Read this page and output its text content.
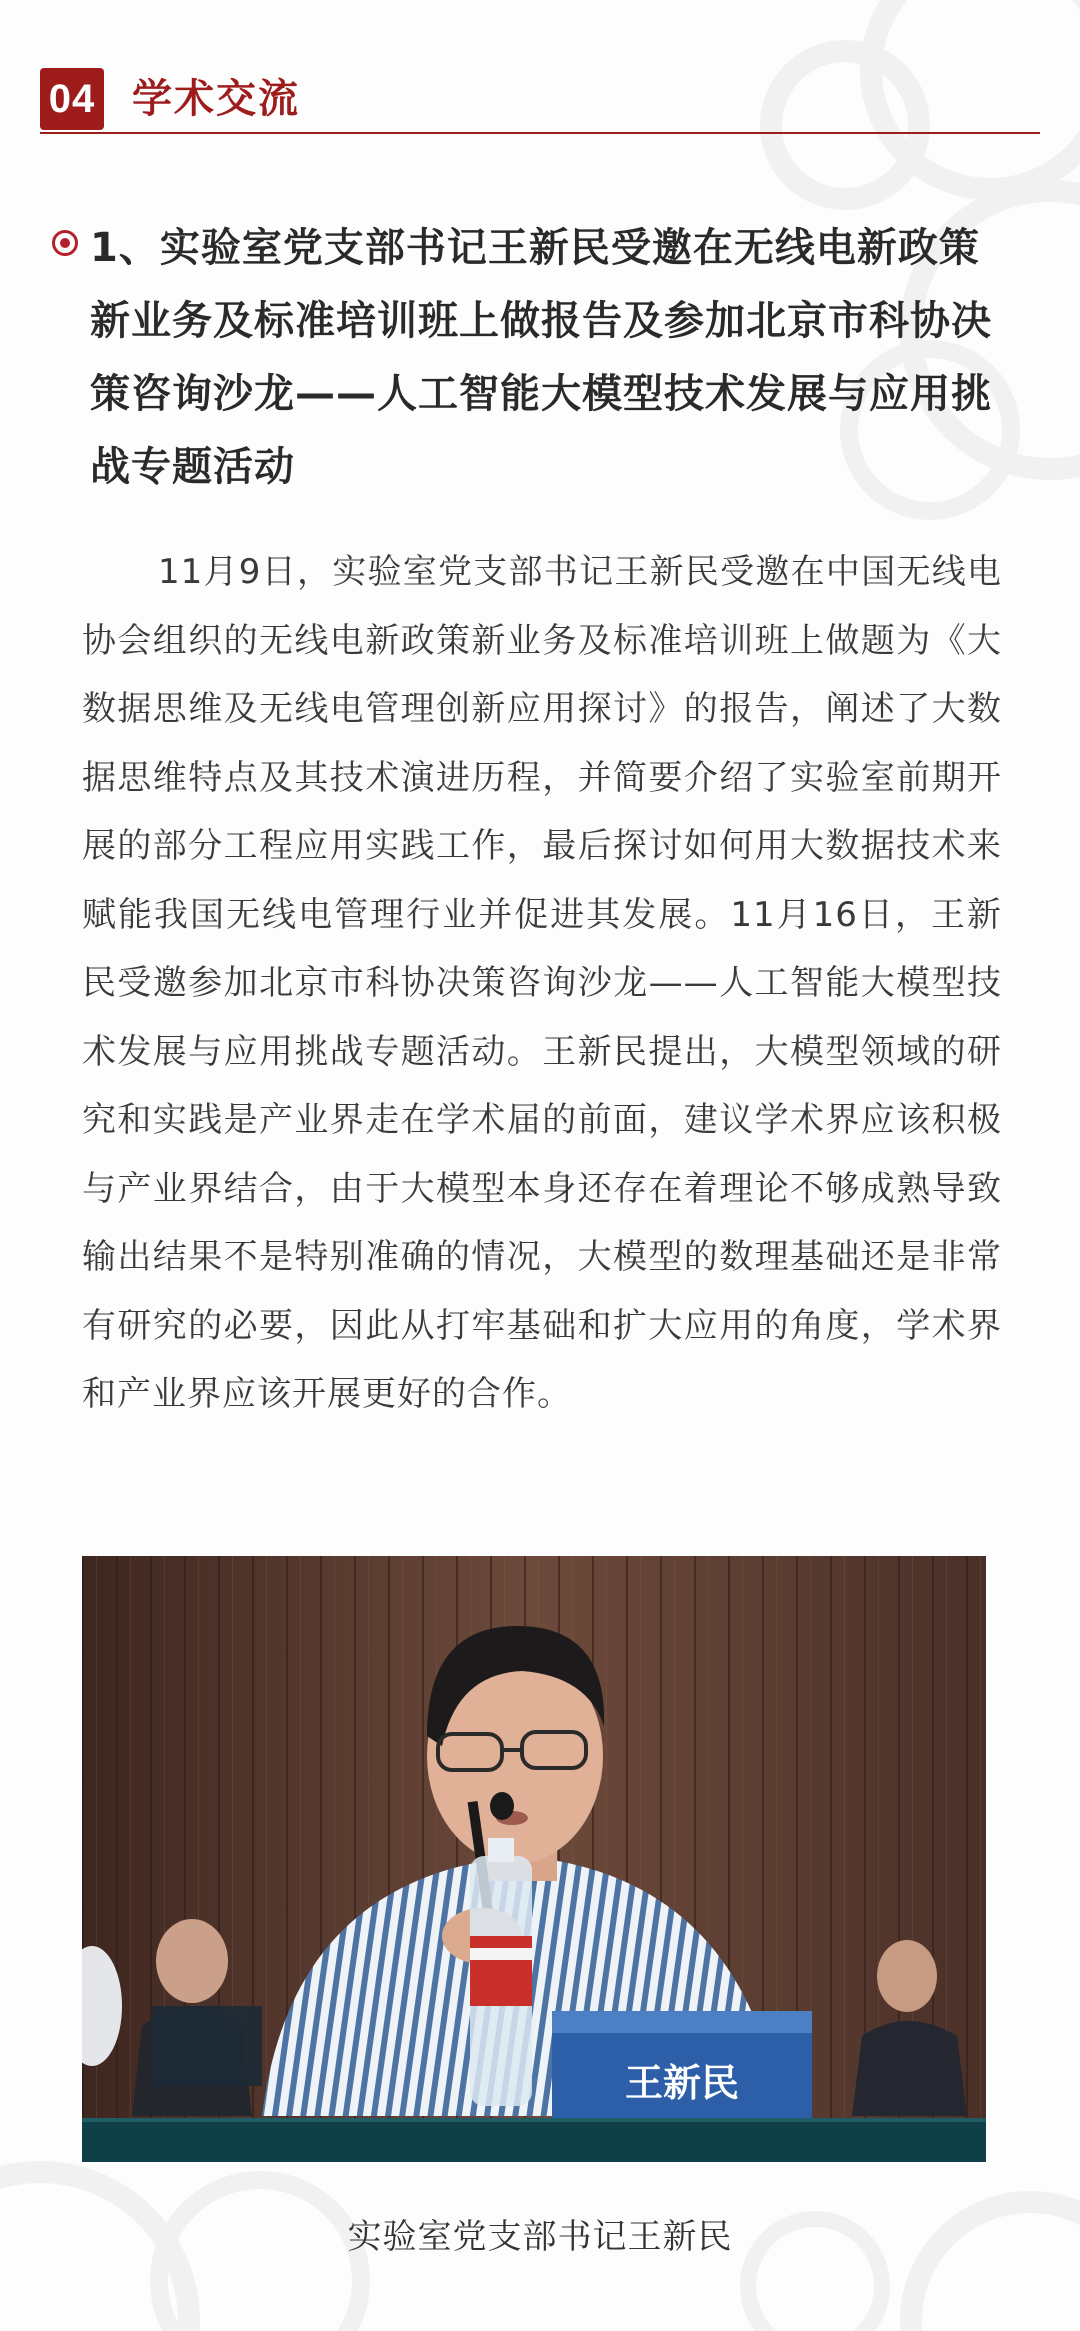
04 学术交流
1、实验室党支部书记王新民受邀在无线电新政策新业务及标准培训班上做报告及参加北京市科协决策咨询沙龙——人工智能大模型技术发展与应用挑战专题活动

11月9日，实验室党支部书记王新民受邀在中国无线电协会组织的无线电新政策新业务及标准培训班上做题为《大数据思维及无线电管理创新应用探讨》的报告，阐述了大数据思维特点及其技术演进历程，并简要介绍了实验室前期开展的部分工程应用实践工作，最后探讨如何用大数据技术来赋能我国无线电管理行业并促进其发展。11月16日，王新民受邀参加北京市科协决策咨询沙龙——人工智能大模型技术发展与应用挑战专题活动。王新民提出，大模型领域的研究和实践是产业界走在学术届的前面，建议学术界应该积极与产业界结合，由于大模型本身还存在着理论不够成熟导致输出结果不是特别准确的情况，大模型的数理基础还是非常有研究的必要，因此从打牢基础和扩大应用的角度，学术界和产业界应该开展更好的合作。

王新民
实验室党支部书记王新民
